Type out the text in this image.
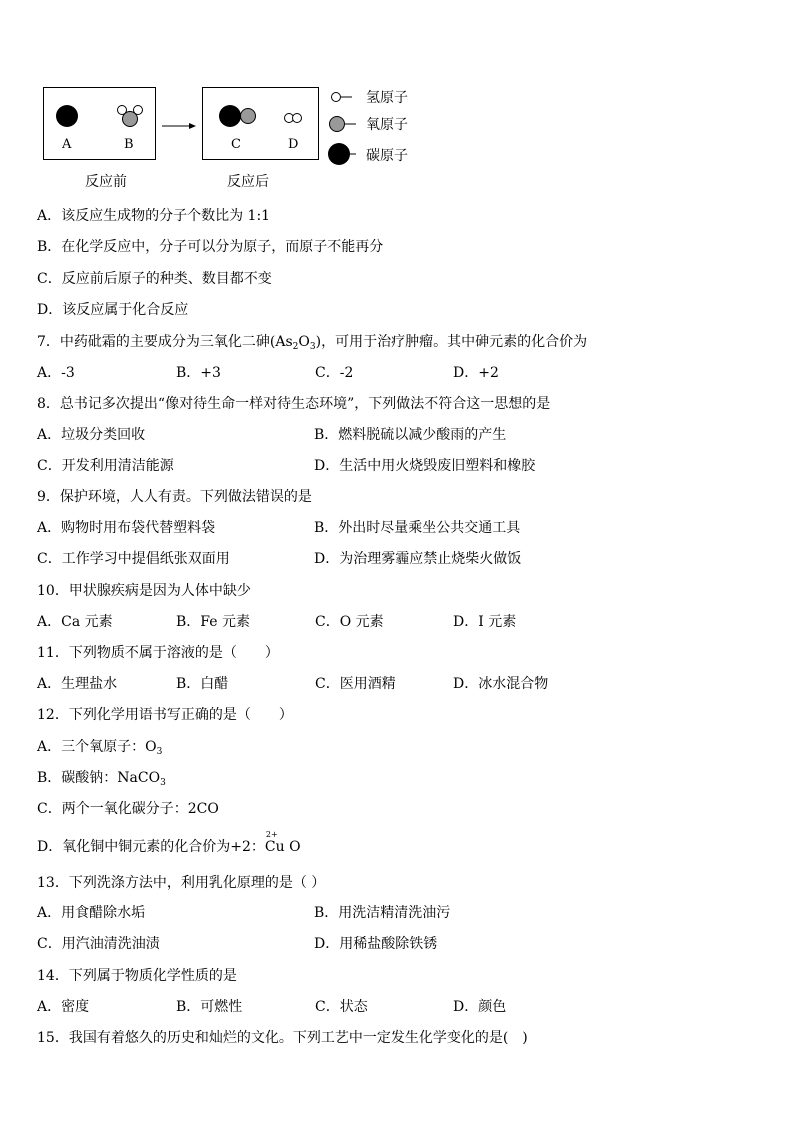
A	B	C	D
反应前	反应后
氢原子
氧原子
碳原子
A．该反应生成物的分子个数比为 1:1
B．在化学反应中，分子可以分为原子，而原子不能再分
C．反应前后原子的种类、数目都不变
D．该反应属于化合反应
7．中药砒霜的主要成分为三氧化二砷$(As_2O_3)$，可用于治疗肿瘤。其中砷元素的化合价为
A．-3	B．+3	C．-2	D．+2
8．总书记多次提出“像对待生命一样对待生态环境”，下列做法不符合这一思想的是
A．垃圾分类回收	B．燃料脱硫以减少酸雨的产生
C．开发利用清洁能源	D．生活中用火烧毁废旧塑料和橡胶
9．保护环境，人人有责。下列做法错误的是
A．购物时用布袋代替塑料袋	B．外出时尽量乘坐公共交通工具
C．工作学习中提倡纸张双面用	D．为治理雾霾应禁止烧柴火做饭
10．甲状腺疾病是因为人体中缺少
A．Ca 元素	B．Fe 元素	C．O 元素	D．I 元素
11．下列物质不属于溶液的是（　　）
A．生理盐水	B．白醋	C．医用酒精	D．冰水混合物
12．下列化学用语书写正确的是（　　）
A．三个氧原子：$O_3$
B．碳酸钠：NaCO$_3$
C．两个一氧化碳分子：2CO
D．氧化铜中铜元素的化合价为+2：
2+
Cu O
13．下列洗涤方法中，利用乳化原理的是（ ）
A．用食醋除水垢	B．用洗洁精清洗油污
C．用汽油清洗油渍	D．用稀盐酸除铁锈
14．下列属于物质化学性质的是
A．密度	B．可燃性	C．状态	D．颜色
15．我国有着悠久的历史和灿烂的文化。下列工艺中一定发生化学变化的是(　)
